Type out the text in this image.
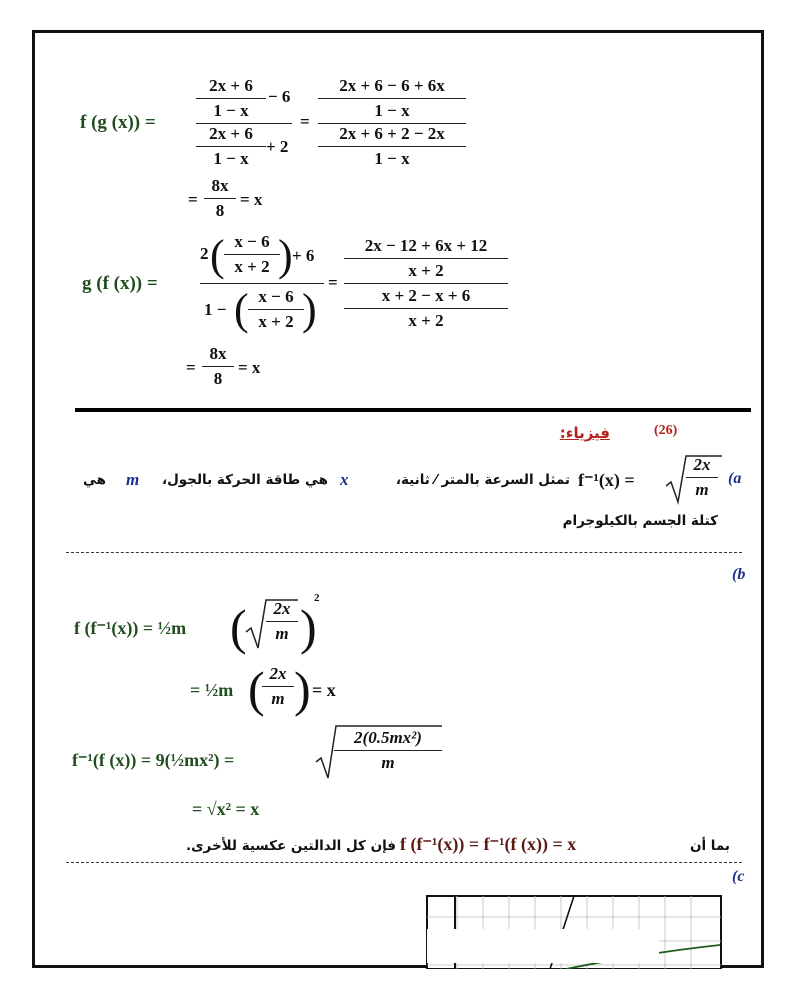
f (g (x)) =
2x + 6
1 − x
− 6
2x + 6
1 − x
+ 2
=
2x + 6 − 6 + 6x
1 − x
2x + 6 + 2 − 2x
1 − x
=
8x
8
= x
g (f (x)) =
2 ( x − 6
x + 2 ) + 6
1 − ( x − 6
x + 2 )
=
2x − 12 + 6x + 12
x + 2
x + 2 − x + 6
x + 2
=
8x
8
= x
فيزياء:	(26)
(a
f⁻¹(x) =
2x
m
تمثل السرعة بالمتر ⁄ ثانية،
x
هي طاقة الحركة بالجول،
m
هي
كتلة الجسم بالكيلوجرام
(b
f (f⁻¹(x)) = ½m (	2x
m )
2
= ½m ( 2x
m ) = x
f⁻¹(f (x)) = 9(½mx²) =
2(0.5mx²)
m
= √x² = x
بما أن
f (f⁻¹(x)) = f⁻¹(f (x)) = x
فإن كل الدالتين عكسية للأخرى.
(c
